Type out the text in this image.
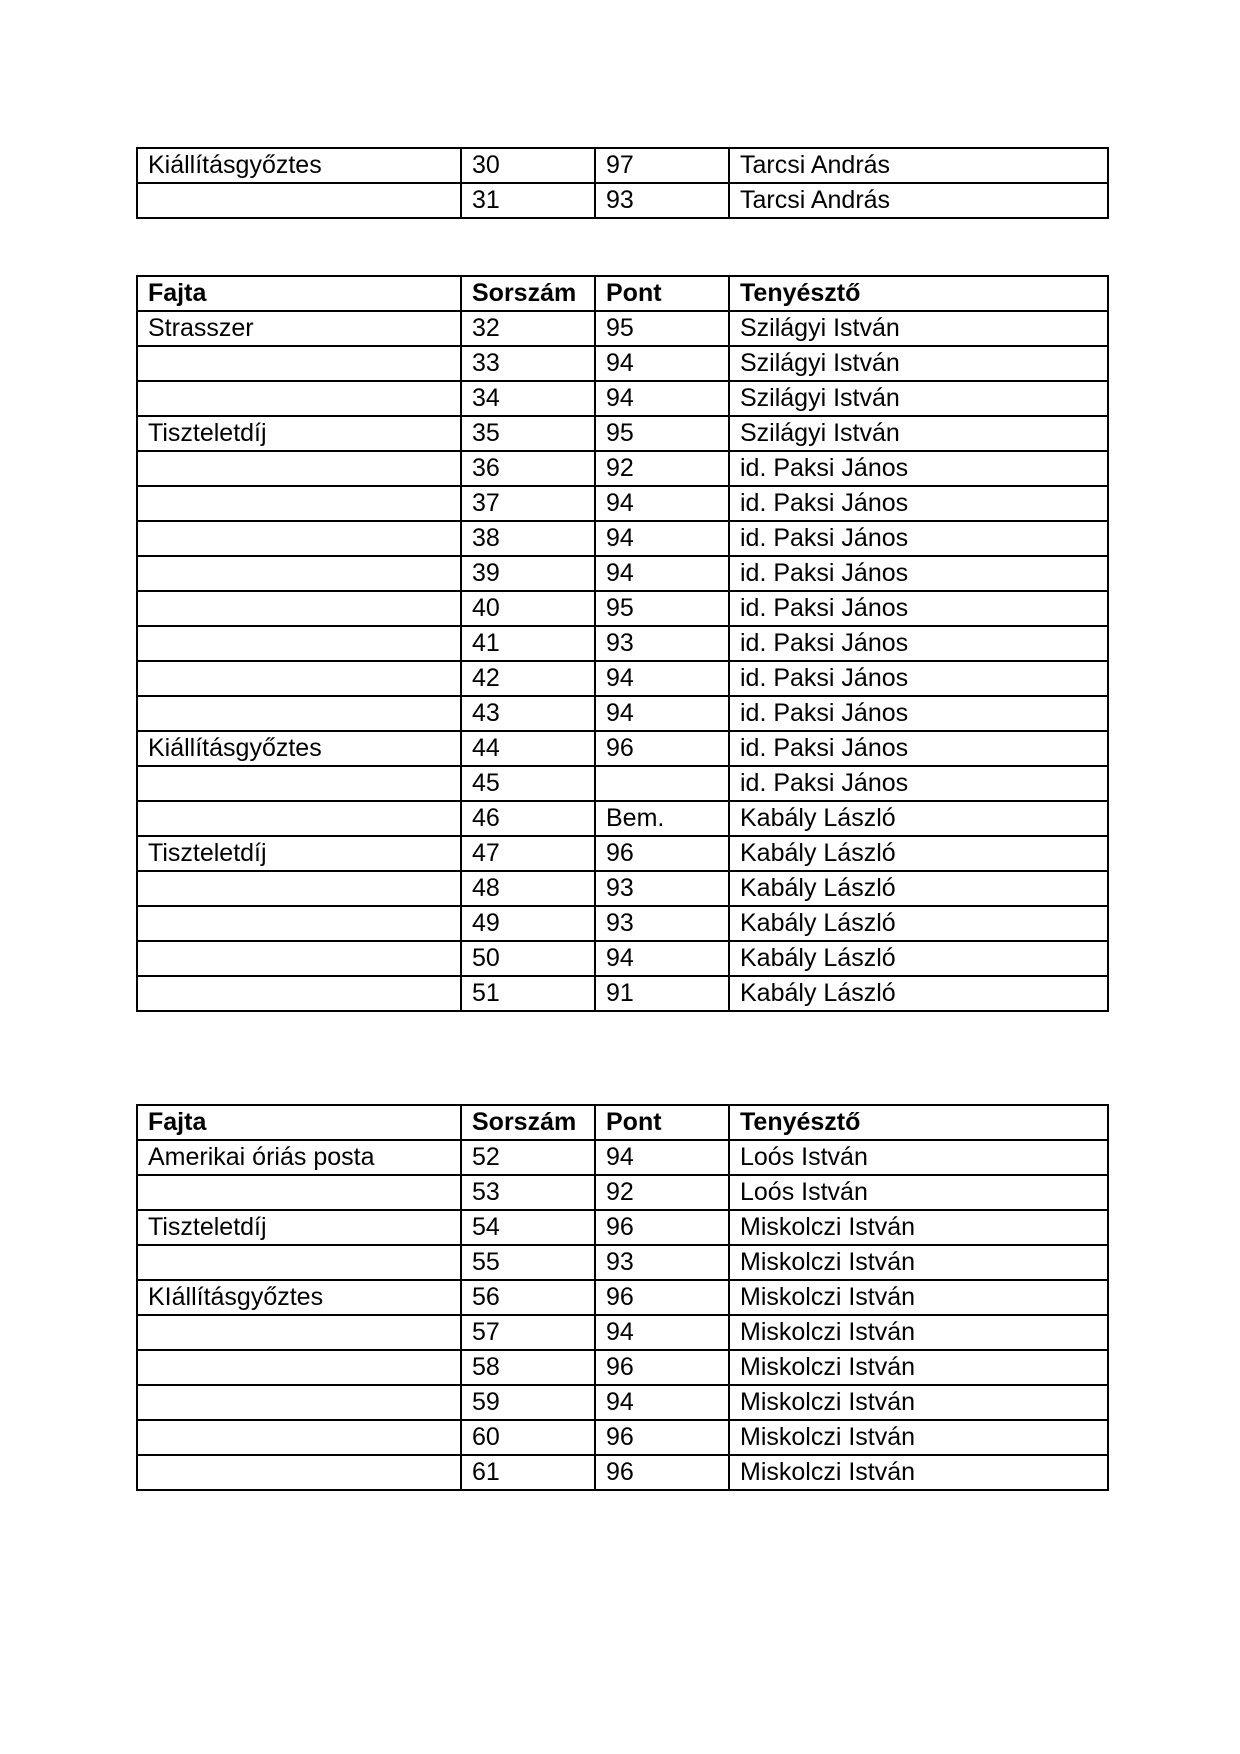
Kiállításgyőztes	30	97	Tarcsi András
	31	93	Tarcsi András
Fajta	Sorszám	Pont	Tenyésztő
Strasszer	32	95	Szilágyi István
	33	94	Szilágyi István
	34	94	Szilágyi István
Tiszteletdíj	35	95	Szilágyi István
	36	92	id. Paksi János
	37	94	id. Paksi János
	38	94	id. Paksi János
	39	94	id. Paksi János
	40	95	id. Paksi János
	41	93	id. Paksi János
	42	94	id. Paksi János
	43	94	id. Paksi János
Kiállításgyőztes	44	96	id. Paksi János
	45		id. Paksi János
	46	Bem.	Kabály László
Tiszteletdíj	47	96	Kabály László
	48	93	Kabály László
	49	93	Kabály László
	50	94	Kabály László
	51	91	Kabály László
Fajta	Sorszám	Pont	Tenyésztő
Amerikai óriás posta	52	94	Loós István
	53	92	Loós István
Tiszteletdíj	54	96	Miskolczi István
	55	93	Miskolczi István
KIállításgyőztes	56	96	Miskolczi István
	57	94	Miskolczi István
	58	96	Miskolczi István
	59	94	Miskolczi István
	60	96	Miskolczi István
	61	96	Miskolczi István
